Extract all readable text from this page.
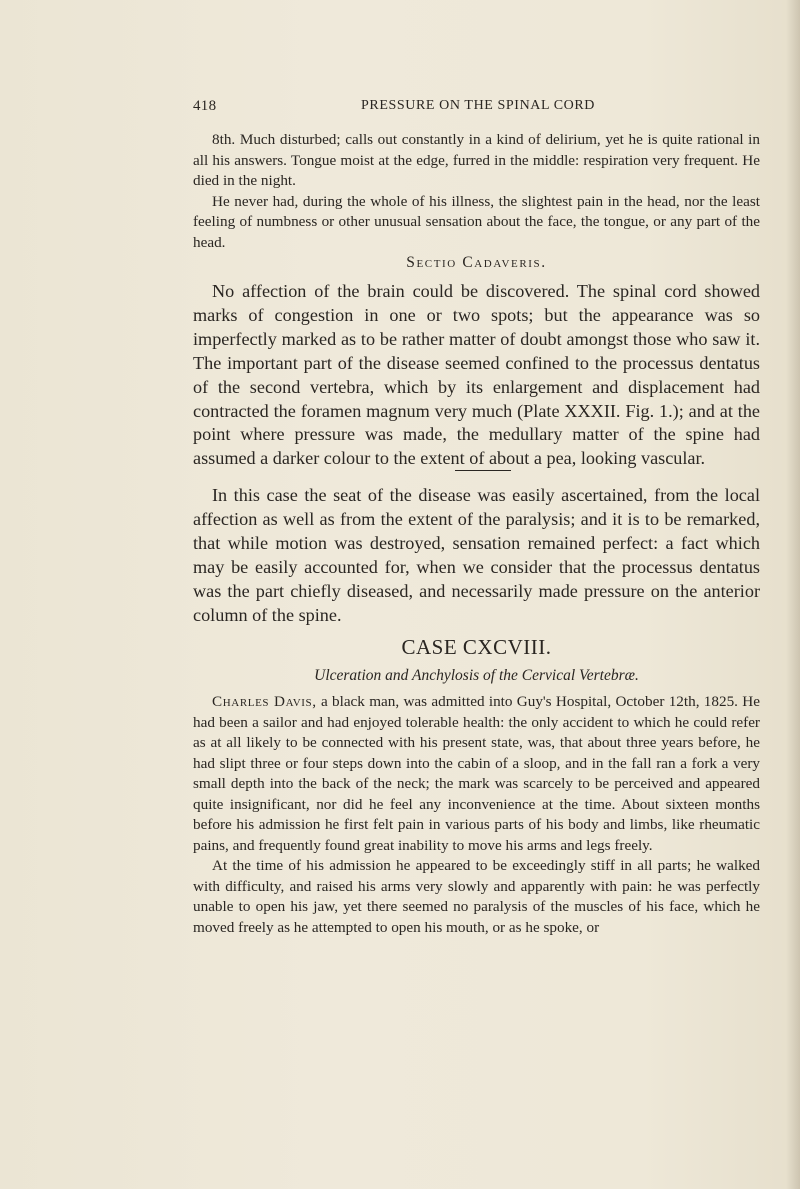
418	PRESSURE ON THE SPINAL CORD

8th. Much disturbed; calls out constantly in a kind of delirium, yet he is quite rational in all his answers. Tongue moist at the edge, furred in the middle: respiration very frequent. He died in the night.

He never had, during the whole of his illness, the slightest pain in the head, nor the least feeling of numbness or other unusual sensation about the face, the tongue, or any part of the head.

Sectio Cadaveris.

No affection of the brain could be discovered. The spinal cord showed marks of congestion in one or two spots; but the appearance was so imperfectly marked as to be rather matter of doubt amongst those who saw it. The important part of the disease seemed confined to the processus dentatus of the second vertebra, which by its enlargement and displacement had contracted the foramen magnum very much (Plate XXXII. Fig. 1.); and at the point where pressure was made, the medullary matter of the spine had assumed a darker colour to the extent of about a pea, looking vascular.

In this case the seat of the disease was easily ascertained, from the local affection as well as from the extent of the paralysis; and it is to be remarked, that while motion was destroyed, sensation remained perfect: a fact which may be easily accounted for, when we consider that the processus dentatus was the part chiefly diseased, and necessarily made pressure on the anterior column of the spine.

CASE CXCVIII.

Ulceration and Anchylosis of the Cervical Vertebræ.

Charles Davis, a black man, was admitted into Guy's Hospital, October 12th, 1825. He had been a sailor and had enjoyed tolerable health: the only accident to which he could refer as at all likely to be connected with his present state, was, that about three years before, he had slipt three or four steps down into the cabin of a sloop, and in the fall ran a fork a very small depth into the back of the neck; the mark was scarcely to be perceived and appeared quite insignificant, nor did he feel any inconvenience at the time. About sixteen months before his admission he first felt pain in various parts of his body and limbs, like rheumatic pains, and frequently found great inability to move his arms and legs freely.

At the time of his admission he appeared to be exceedingly stiff in all parts; he walked with difficulty, and raised his arms very slowly and apparently with pain: he was perfectly unable to open his jaw, yet there seemed no paralysis of the muscles of his face, which he moved freely as he attempted to open his mouth, or as he spoke, or
